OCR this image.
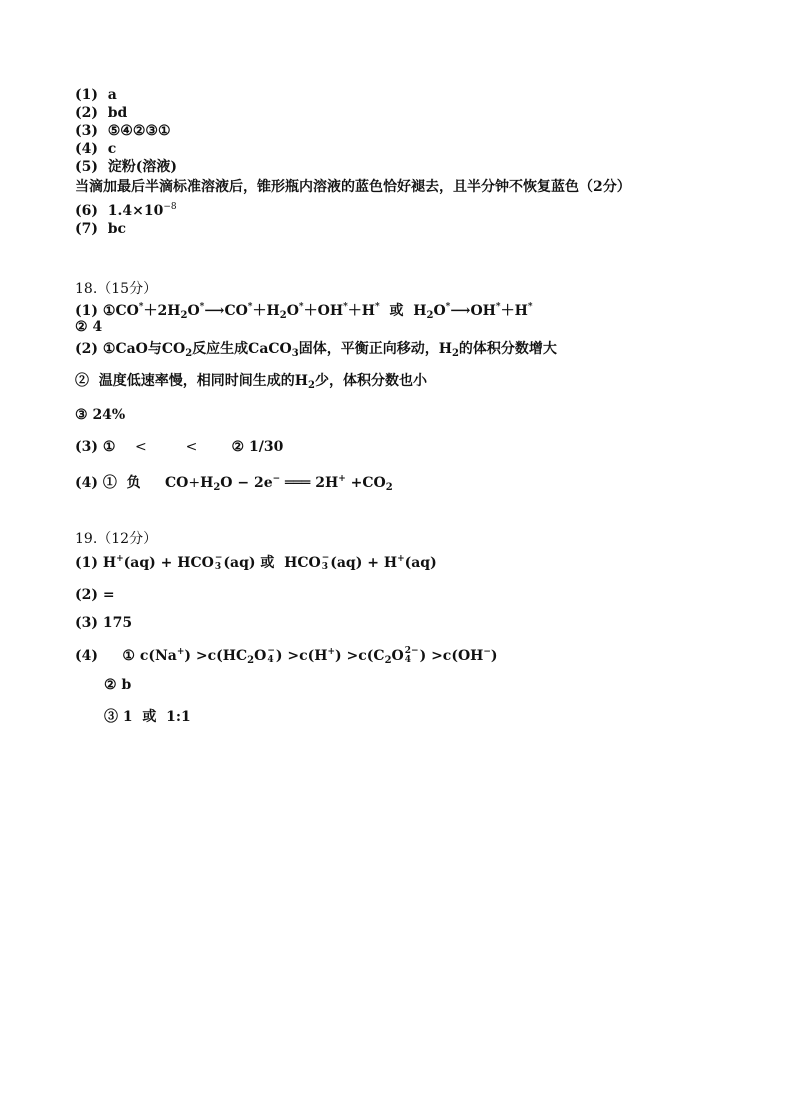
(1) a
(2) bd
(3) ⑤④②③①
(4) c
(5) 淀粉(溶液)
当滴加最后半滴标准溶液后，锥形瓶内溶液的蓝色恰好褪去，且半分钟不恢复蓝色（2分）
(6) $1.4\times 10^{-8}$
(7) bc
18.（15分）
(1) $①CO^*+2H_2O^*⟶CO^*+H_2O^*+OH^*+H^*$ 或 $H_2O^*⟶OH^*+H^*$
② 4
(2) ①CaO与$CO_2$反应生成CaCO$_3$固体，平衡正向移动，$H_2$的体积分数增大
② 温度低速率慢，相同时间生成的$H_2$少，体积分数也小
③ 24%
(3) ① <	< ② 1/30
(4) ① 负 $CO+H_2O - 2e^-$ ═══ $2H^+ +CO_2$
19.（12分）
(1) H+(aq) + HCO −
3 (aq) 或 HCO −
3 (aq) + H+(aq)
(2) =
(3) 175
(4) ① $c(Na^+) >c(HC_2O$ −
4 ) $>c(H^+) >c(C_2O$ 2−
4 ) >c(OH−)
② b
③ 1 或 1:1
